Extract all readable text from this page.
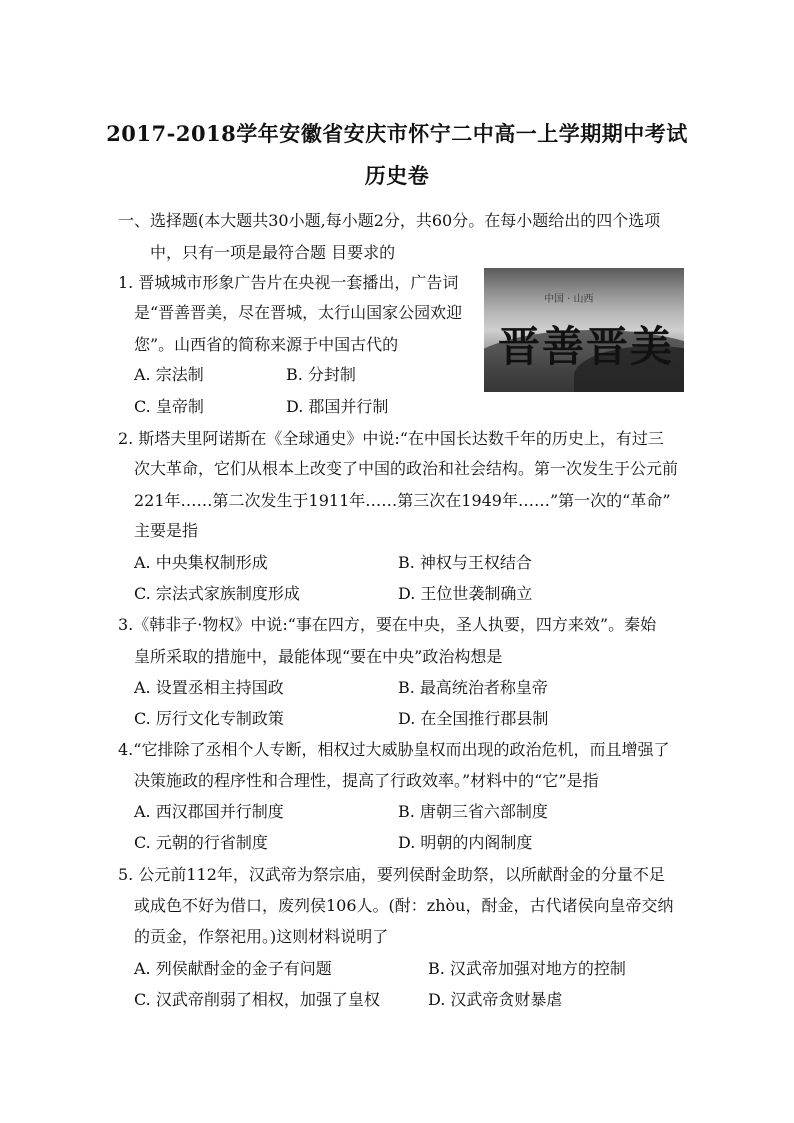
2017-2018学年安徽省安庆市怀宁二中高一上学期期中考试
历史卷
一、选择题(本大题共30小题,每小题2分，共60分。在每小题给出的四个选项
中，只有一项是最符合题 目要求的
1. 晋城城市形象广告片在央视一套播出，广告词
是“晋善晋美，尽在晋城，太行山国家公园欢迎
您”。山西省的简称来源于中国古代的
A. 宗法制	B. 分封制
C. 皇帝制	D. 郡国并行制
中国 · 山西
晋善晋美
2. 斯塔夫里阿诺斯在《全球通史》中说:“在中国长达数千年的历史上，有过三
次大革命，它们从根本上改变了中国的政治和社会结构。第一次发生于公元前
221年……第二次发生于1911年……第三次在1949年……”第一次的“革命”
主要是指
A. 中央集权制形成	B. 神权与王权结合
C. 宗法式家族制度形成	D. 王位世袭制确立
3.《韩非子·物权》中说:“事在四方，要在中央，圣人执要，四方来效”。秦始
皇所采取的措施中，最能体现“要在中央”政治构想是
A. 设置丞相主持国政	B. 最高统治者称皇帝
C. 厉行文化专制政策	D. 在全国推行郡县制
4.“它排除了丞相个人专断，相权过大威胁皇权而出现的政治危机，而且增强了
决策施政的程序性和合理性，提高了行政效率。”材料中的“它”是指
A. 西汉郡国并行制度	B. 唐朝三省六部制度
C. 元朝的行省制度	D. 明朝的内阁制度
5. 公元前112年，汉武帝为祭宗庙，要列侯酎金助祭，以所献酎金的分量不足
或成色不好为借口，废列侯106人。(酎：zhòu，酎金，古代诸侯向皇帝交纳
的贡金，作祭祀用。)这则材料说明了
A. 列侯献酎金的金子有问题	B. 汉武帝加强对地方的控制
C. 汉武帝削弱了相权，加强了皇权	D. 汉武帝贪财暴虐
